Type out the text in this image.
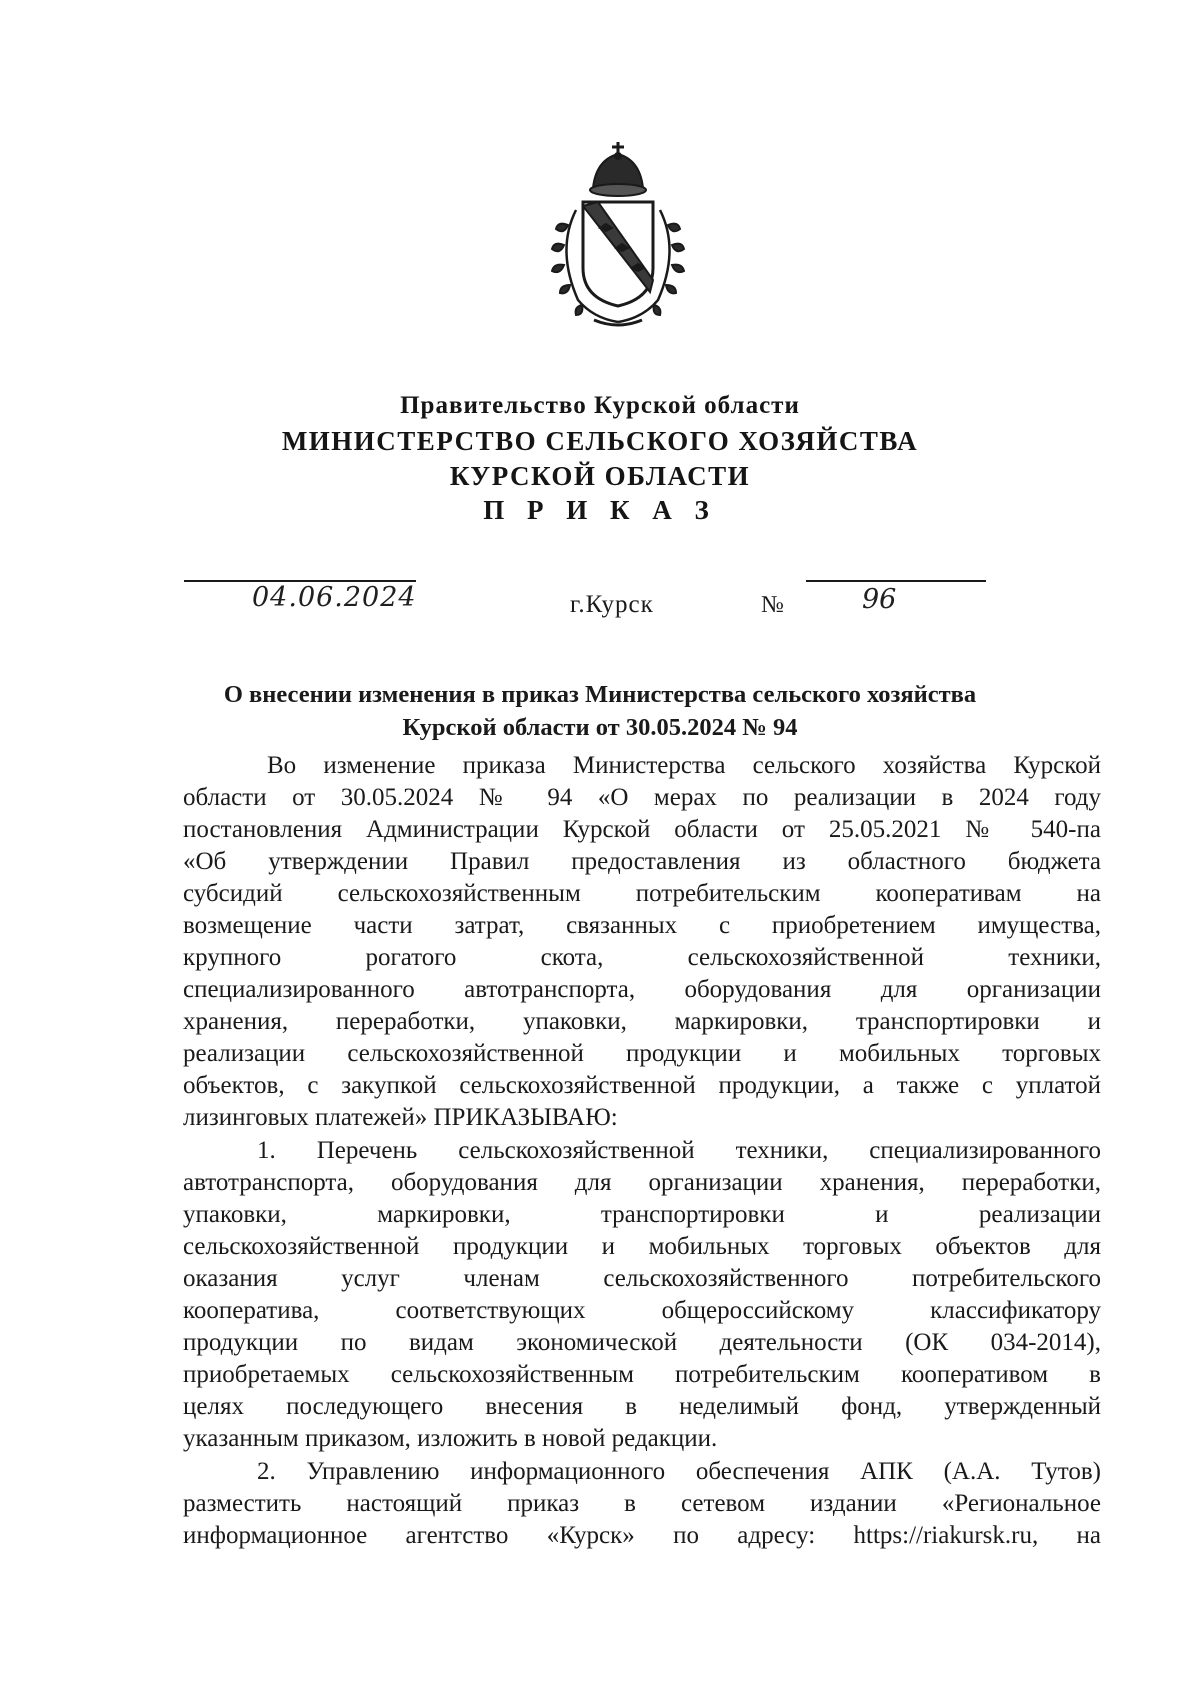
Правительство Курской области
МИНИСТЕРСТВО СЕЛЬСКОГО ХОЗЯЙСТВА
КУРСКОЙ ОБЛАСТИ
П Р И К А З
04.06.2024	г.Курск	№	96
О внесении изменения в приказ Министерства сельского хозяйства
Курской области от 30.05.2024 № 94
Во изменение приказа Министерства сельского хозяйства Курской
области от 30.05.2024 № 94 «О мерах по реализации в 2024 году
постановления Администрации Курской области от 25.05.2021 № 540-па
«Об утверждении Правил предоставления из областного бюджета
субсидий сельскохозяйственным потребительским кооперативам на
возмещение части затрат, связанных с приобретением имущества,
крупного рогатого скота, сельскохозяйственной техники,
специализированного автотранспорта, оборудования для организации
хранения, переработки, упаковки, маркировки, транспортировки и
реализации сельскохозяйственной продукции и мобильных торговых
объектов, с закупкой сельскохозяйственной продукции, а также с уплатой
лизинговых платежей» ПРИКАЗЫВАЮ:
1. Перечень сельскохозяйственной техники, специализированного
автотранспорта, оборудования для организации хранения, переработки,
упаковки, маркировки, транспортировки и реализации
сельскохозяйственной продукции и мобильных торговых объектов для
оказания услуг членам сельскохозяйственного потребительского
кооператива, соответствующих общероссийскому классификатору
продукции по видам экономической деятельности (ОК 034-2014),
приобретаемых сельскохозяйственным потребительским кооперативом в
целях последующего внесения в неделимый фонд, утвержденный
указанным приказом, изложить в новой редакции.
2. Управлению информационного обеспечения АПК (А.А. Тутов)
разместить настоящий приказ в сетевом издании «Региональное
информационное агентство «Курск» по адресу: https://riakursk.ru, на
